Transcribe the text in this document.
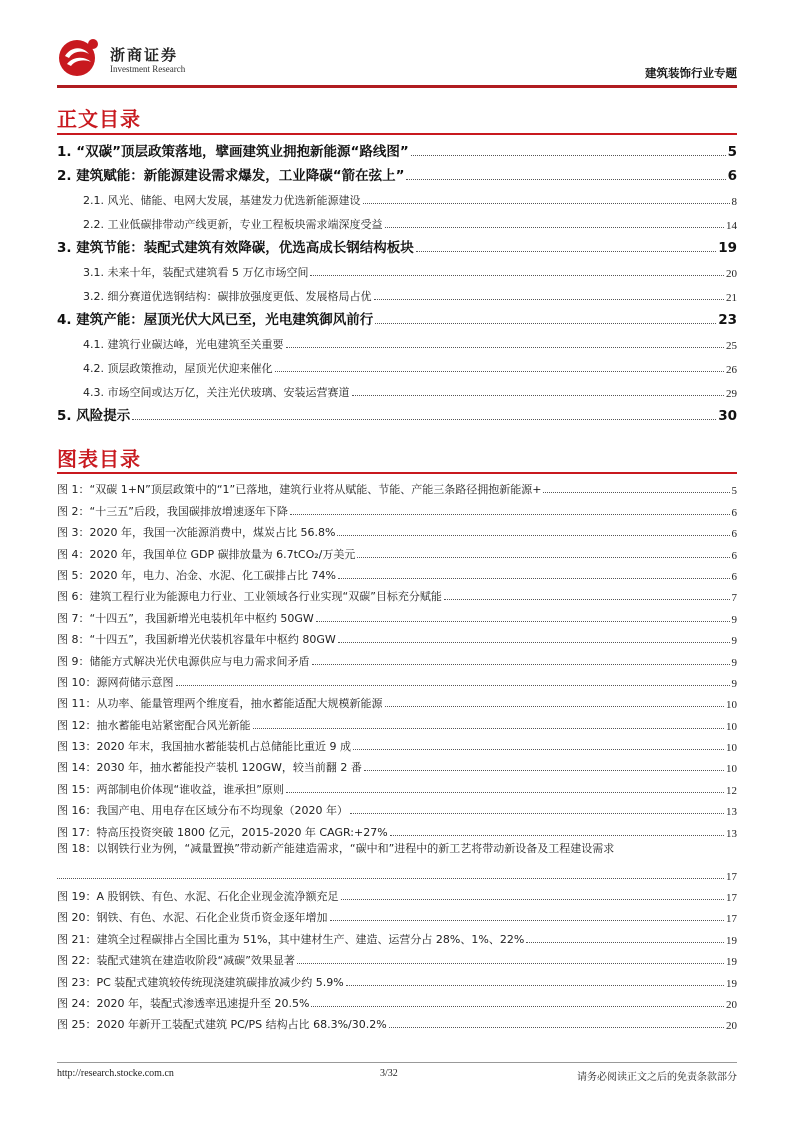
浙商证券
Investment Research	建筑装饰行业专题
正文目录
1. “双碳”顶层政策落地，擘画建筑业拥抱新能源“路线图”	5
2. 建筑赋能：新能源建设需求爆发，工业降碳“箭在弦上”	6
2.1. 风光、储能、电网大发展，基建发力优选新能源建设	8
2.2. 工业低碳排带动产线更新，专业工程板块需求端深度受益	14
3. 建筑节能：装配式建筑有效降碳，优选高成长钢结构板块	19
3.1. 未来十年，装配式建筑看 5 万亿市场空间	20
3.2. 细分赛道优选钢结构：碳排放强度更低、发展格局占优	21
4. 建筑产能：屋顶光伏大风已至，光电建筑御风前行	23
4.1. 建筑行业碳达峰，光电建筑至关重要	25
4.2. 顶层政策推动，屋顶光伏迎来催化	26
4.3. 市场空间或达万亿，关注光伏玻璃、安装运营赛道	29
5. 风险提示	30
图表目录
图 1：“双碳 1+N”顶层政策中的“1”已落地，建筑行业将从赋能、节能、产能三条路径拥抱新能源+	5
图 2：“十三五”后段，我国碳排放增速逐年下降	6
图 3：2020 年，我国一次能源消费中，煤炭占比 56.8%	6
图 4：2020 年，我国单位 GDP 碳排放量为 6.7tCO₂/万美元	6
图 5：2020 年，电力、冶金、水泥、化工碳排占比 74%	6
图 6：建筑工程行业为能源电力行业、工业领域各行业实现“双碳”目标充分赋能	7
图 7：“十四五”，我国新增光电装机年中枢约 50GW	9
图 8：“十四五”，我国新增光伏装机容量年中枢约 80GW	9
图 9：储能方式解决光伏电源供应与电力需求间矛盾	9
图 10：源网荷储示意图	9
图 11：从功率、能量管理两个维度看，抽水蓄能适配大规模新能源	10
图 12：抽水蓄能电站紧密配合风光新能	10
图 13：2020 年末，我国抽水蓄能装机占总储能比重近 9 成	10
图 14：2030 年，抽水蓄能投产装机 120GW，较当前翻 2 番	10
图 15：两部制电价体现“谁收益，谁承担”原则	12
图 16：我国产电、用电存在区域分布不均现象（2020 年）	13
图 17：特高压投资突破 1800 亿元，2015-2020 年 CAGR:+27%	13
图 18：以钢铁行业为例，“减量置换”带动新产能建造需求，“碳中和”进程中的新工艺将带动新设备及工程建设需求
17
图 19：A 股钢铁、有色、水泥、石化企业现金流净额充足	17
图 20：钢铁、有色、水泥、石化企业货币资金逐年增加	17
图 21：建筑全过程碳排占全国比重为 51%，其中建材生产、建造、运营分占 28%、1%、22%	19
图 22：装配式建筑在建造收阶段“减碳”效果显著	19
图 23：PC 装配式建筑较传统现浇建筑碳排放减少约 5.9%	19
图 24：2020 年，装配式渗透率迅速提升至 20.5%	20
图 25：2020 年新开工装配式建筑 PC/PS 结构占比 68.3%/30.2%	20
http://research.stocke.com.cn	3/32	请务必阅读正文之后的免责条款部分
